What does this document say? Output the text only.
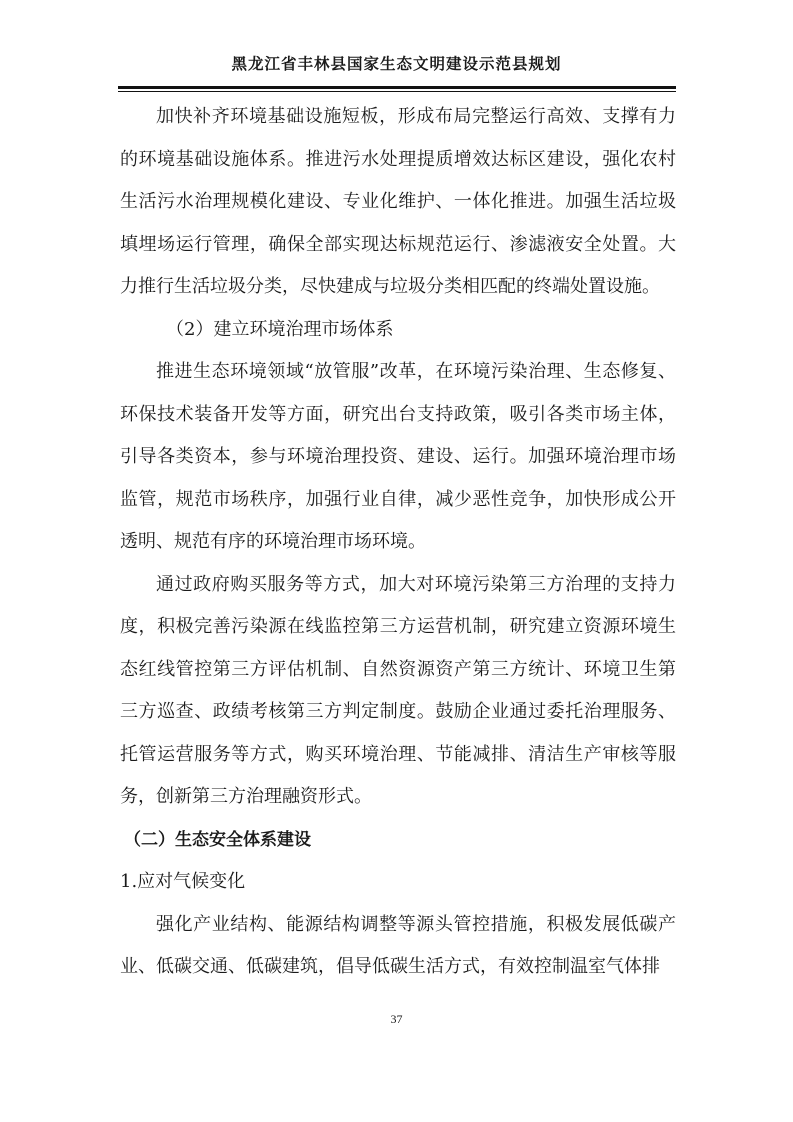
黑龙江省丰林县国家生态文明建设示范县规划

加快补齐环境基础设施短板，形成布局完整运行高效、支撑有力的环境基础设施体系。推进污水处理提质增效达标区建设，强化农村生活污水治理规模化建设、专业化维护、一体化推进。加强生活垃圾填埋场运行管理，确保全部实现达标规范运行、渗滤液安全处置。大力推行生活垃圾分类，尽快建成与垃圾分类相匹配的终端处置设施。

（2）建立环境治理市场体系

推进生态环境领域“放管服”改革，在环境污染治理、生态修复、环保技术装备开发等方面，研究出台支持政策，吸引各类市场主体，引导各类资本，参与环境治理投资、建设、运行。加强环境治理市场监管，规范市场秩序，加强行业自律，减少恶性竞争，加快形成公开透明、规范有序的环境治理市场环境。

通过政府购买服务等方式，加大对环境污染第三方治理的支持力度，积极完善污染源在线监控第三方运营机制，研究建立资源环境生态红线管控第三方评估机制、自然资源资产第三方统计、环境卫生第三方巡查、政绩考核第三方判定制度。鼓励企业通过委托治理服务、托管运营服务等方式，购买环境治理、节能减排、清洁生产审核等服务，创新第三方治理融资形式。

（二）生态安全体系建设

1.应对气候变化

强化产业结构、能源结构调整等源头管控措施，积极发展低碳产业、低碳交通、低碳建筑，倡导低碳生活方式，有效控制温室气体排

37
